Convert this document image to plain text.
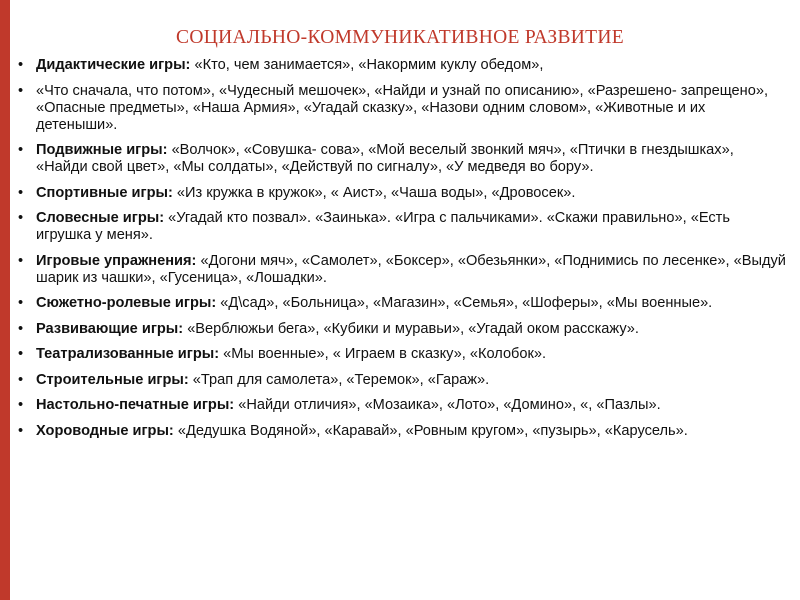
СОЦИАЛЬНО-КОММУНИКАТИВНОЕ РАЗВИТИЕ
• Дидактические игры: «Кто, чем занимается», «Накормим куклу обедом»,
• «Что сначала, что потом», «Чудесный мешочек», «Найди и узнай по описанию», «Разрешено- запрещено», «Опасные предметы», «Наша Армия», «Угадай сказку», «Назови одним словом», «Животные и их детеныши».
• Подвижные игры: «Волчок», «Совушка- сова», «Мой веселый звонкий мяч», «Птички в гнездышках», «Найди свой цвет», «Мы солдаты», «Действуй по сигналу», «У медведя во бору».
• Спортивные игры: «Из кружка в кружок», « Аист», «Чаша воды», «Дровосек».
• Словесные игры: «Угадай кто позвал». «Заинька». «Игра с пальчиками». «Скажи правильно», «Есть игрушка у меня».
• Игровые упражнения: «Догони мяч», «Самолет», «Боксер», «Обезьянки», «Поднимись по лесенке», «Выдуй шарик из чашки», «Гусеница», «Лошадки».
• Сюжетно-ролевые игры: «Д\сад», «Больница», «Магазин», «Семья», «Шоферы», «Мы военные».
• Развивающие игры: «Верблюжьи бега», «Кубики и муравьи», «Угадай оком расскажу».
• Театрализованные игры: «Мы военные», « Играем в сказку», «Колобок».
• Строительные игры: «Трап для самолета», «Теремок», «Гараж».
• Настольно-печатные игры: «Найди отличия», «Мозаика», «Лото», «Домино», «, «Пазлы».
• Хороводные игры: «Дедушка Водяной», «Каравай», «Ровным кругом», «пузырь», «Карусель».
